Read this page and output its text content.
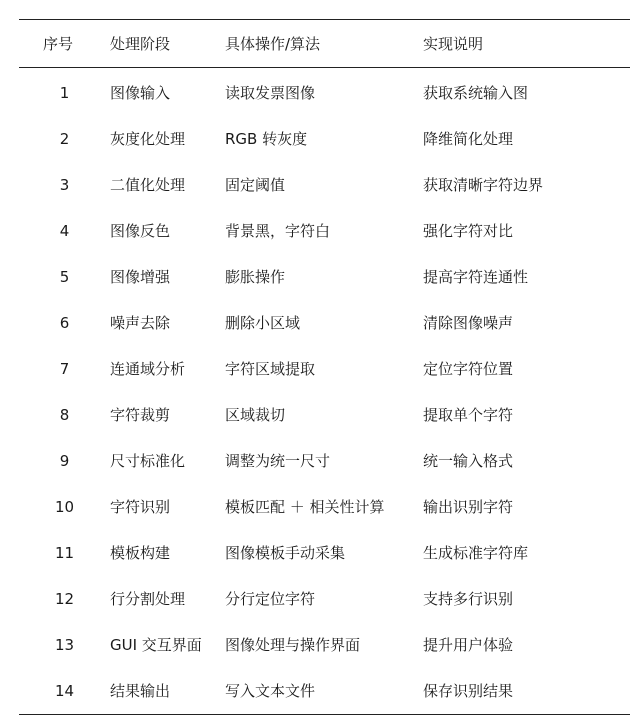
序号	处理阶段	具体操作/算法	实现说明
1	图像输入	读取发票图像	获取系统输入图
2	灰度化处理	RGB 转灰度	降维简化处理
3	二值化处理	固定阈值	获取清晰字符边界
4	图像反色	背景黑，字符白	强化字符对比
5	图像增强	膨胀操作	提高字符连通性
6	噪声去除	删除小区域	清除图像噪声
7	连通域分析	字符区域提取	定位字符位置
8	字符裁剪	区域裁切	提取单个字符
9	尺寸标准化	调整为统一尺寸	统一输入格式
10	字符识别	模板匹配 ＋ 相关性计算	输出识别字符
11	模板构建	图像模板手动采集	生成标准字符库
12	行分割处理	分行定位字符	支持多行识别
13	GUI 交互界面	图像处理与操作界面	提升用户体验
14	结果输出	写入文本文件	保存识别结果
